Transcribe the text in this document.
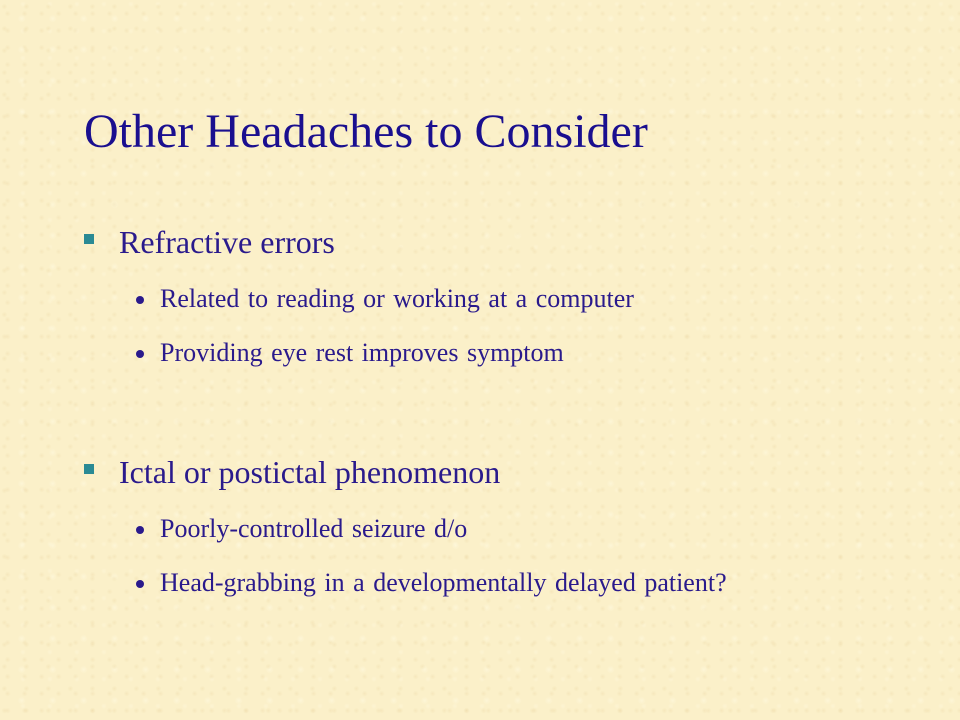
Other Headaches to Consider
Refractive errors
Related to reading or working at a computer
Providing eye rest improves symptom
Ictal or postictal phenomenon
Poorly-controlled seizure d/o
Head-grabbing in a developmentally delayed patient?
